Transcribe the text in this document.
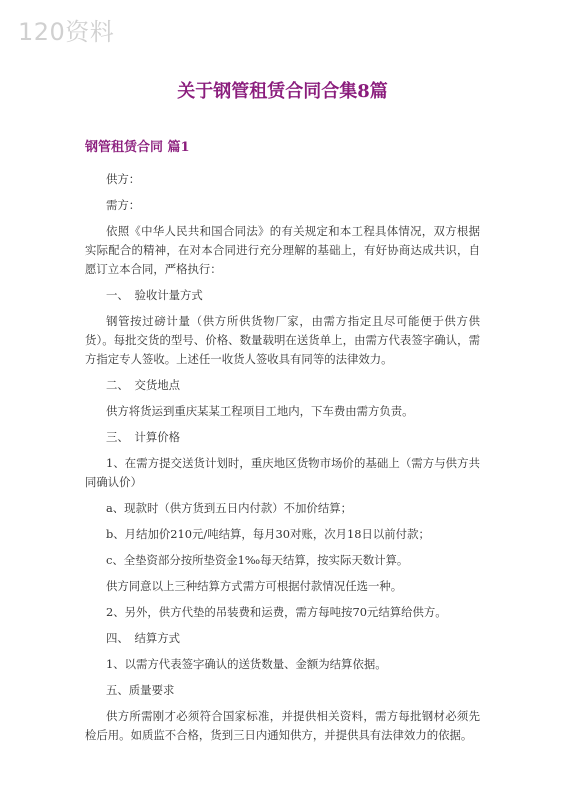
120资料
关于钢管租赁合同合集8篇
钢管租赁合同 篇1

供方：

需方：

依照《中华人民共和国合同法》的有关规定和本工程具体情况，双方根据实际配合的精神，在对本合同进行充分理解的基础上，有好协商达成共识，自愿订立本合同，严格执行：

一、　验收计量方式

钢管按过磅计量（供方所供货物厂家，由需方指定且尽可能便于供方供货）。每批交货的型号、价格、数量载明在送货单上，由需方代表签字确认，需方指定专人签收。上述任一收货人签收具有同等的法律效力。

二、　交货地点

供方将货运到重庆某某工程项目工地内，下车费由需方负责。

三、　计算价格

1、在需方提交送货计划时，重庆地区货物市场价的基础上（需方与供方共同确认价）

a、现款时（供方货到五日内付款）不加价结算；

b、月结加价210元/吨结算，每月30对账，次月18日以前付款；

c、全垫资部分按所垫资金1‰每天结算，按实际天数计算。

供方同意以上三种结算方式需方可根据付款情况任选一种。

2、另外，供方代垫的吊装费和运费，需方每吨按70元结算给供方。

四、　结算方式

1、以需方代表签字确认的送货数量、金额为结算依据。

五、质量要求

供方所需刚才必须符合国家标准，并提供相关资料，需方每批钢材必须先检后用。如质监不合格，货到三日内通知供方，并提供具有法律效力的依据。
